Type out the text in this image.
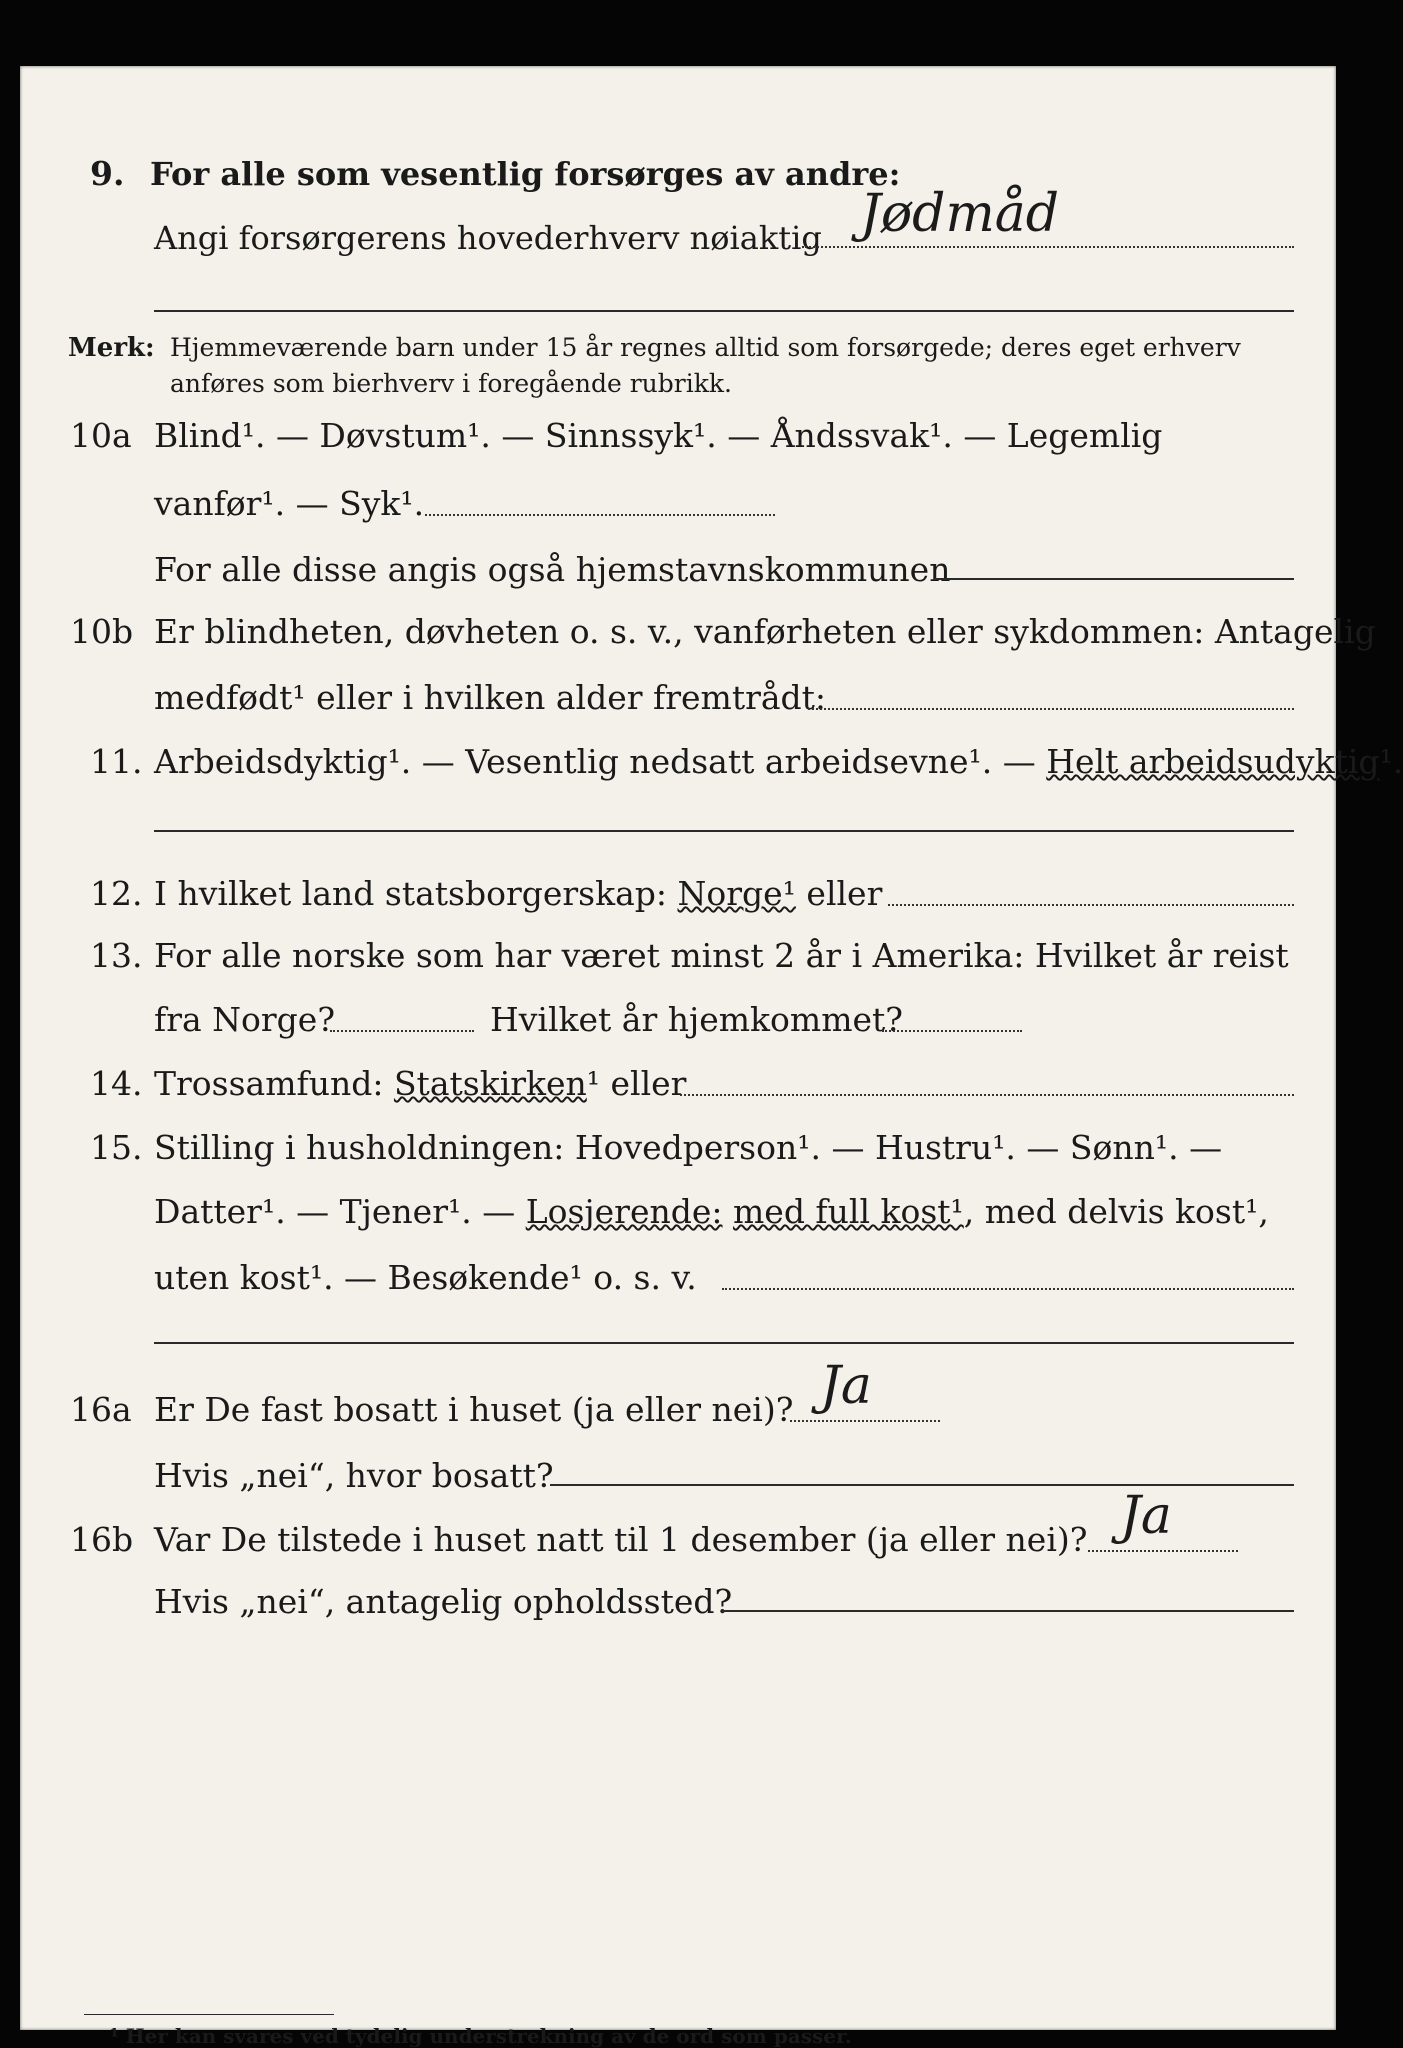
9. For alle som vesentlig forsørges av andre:
Angi forsørgerens hovederhverv nøiaktig Jødmåd
Merk: Hjemmeværende barn under 15 år regnes alltid som forsørgede; deres eget erhverv
anføres som bierhverv i foregående rubrikk.
10a Blind¹. — Døvstum¹. — Sinnssyk¹. — Åndssvak¹. — Legemlig
vanfør¹. — Syk¹.
For alle disse angis også hjemstavnskommunen
10b Er blindheten, døvheten o. s. v., vanførheten eller sykdommen: Antagelig
medfødt¹ eller i hvilken alder fremtrådt:
11. Arbeidsdyktig¹. — Vesentlig nedsatt arbeidsevne¹. — Helt arbeidsudyktig¹.
12. I hvilket land statsborgerskap: Norge¹ eller
13. For alle norske som har været minst 2 år i Amerika: Hvilket år reist
fra Norge?	Hvilket år hjemkommet?
14. Trossamfund: Statskirken¹ eller
15. Stilling i husholdningen: Hovedperson¹. — Hustru¹. — Sønn¹. —
Datter¹. — Tjener¹. — Losjerende: med full kost¹, med delvis kost¹,
uten kost¹. — Besøkende¹ o. s. v.
16a Er De fast bosatt i huset (ja eller nei)? Ja
Hvis „nei“, hvor bosatt?
16b Var De tilstede i huset natt til 1 desember (ja eller nei)? Ja
Hvis „nei“, antagelig opholdssted?
¹ Her kan svares ved tydelig understrekning av de ord som passer.
